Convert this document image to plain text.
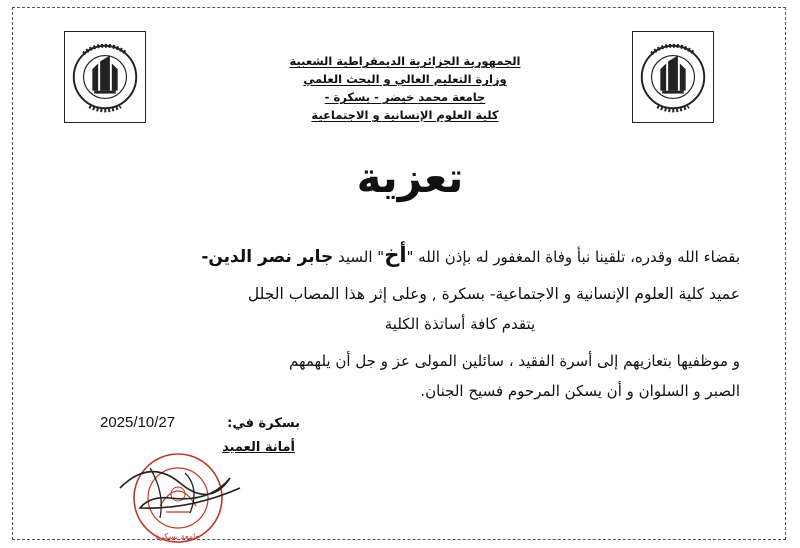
الجمهورية الجزائرية الديمقراطية الشعبية
وزارة التعليم العالي و البحث العلمي
جامعة محمد خيضر - بسكرة -
كلية العلوم الإنسانية و الاجتماعية
تعزية
بقضاء الله وقدره، تلقينا نبأ وفاة المغفور له بإذن الله "أخ" السيد جابر نصر الدين-
عميد كلية العلوم الإنسانية و الاجتماعية- بسكرة , وعلى إثر هذا المصاب الجلل
يتقدم كافة أساتذة الكلية
و موظفيها بتعازيهم إلى أسرة الفقيد ، سائلين المولى عز و جل أن يلهمهم
الصبر و السلوان و أن يسكن المرحوم فسيح الجنان.
بسكرة في:
2025/10/27
جامعة بسكرة
أمانة العميد
